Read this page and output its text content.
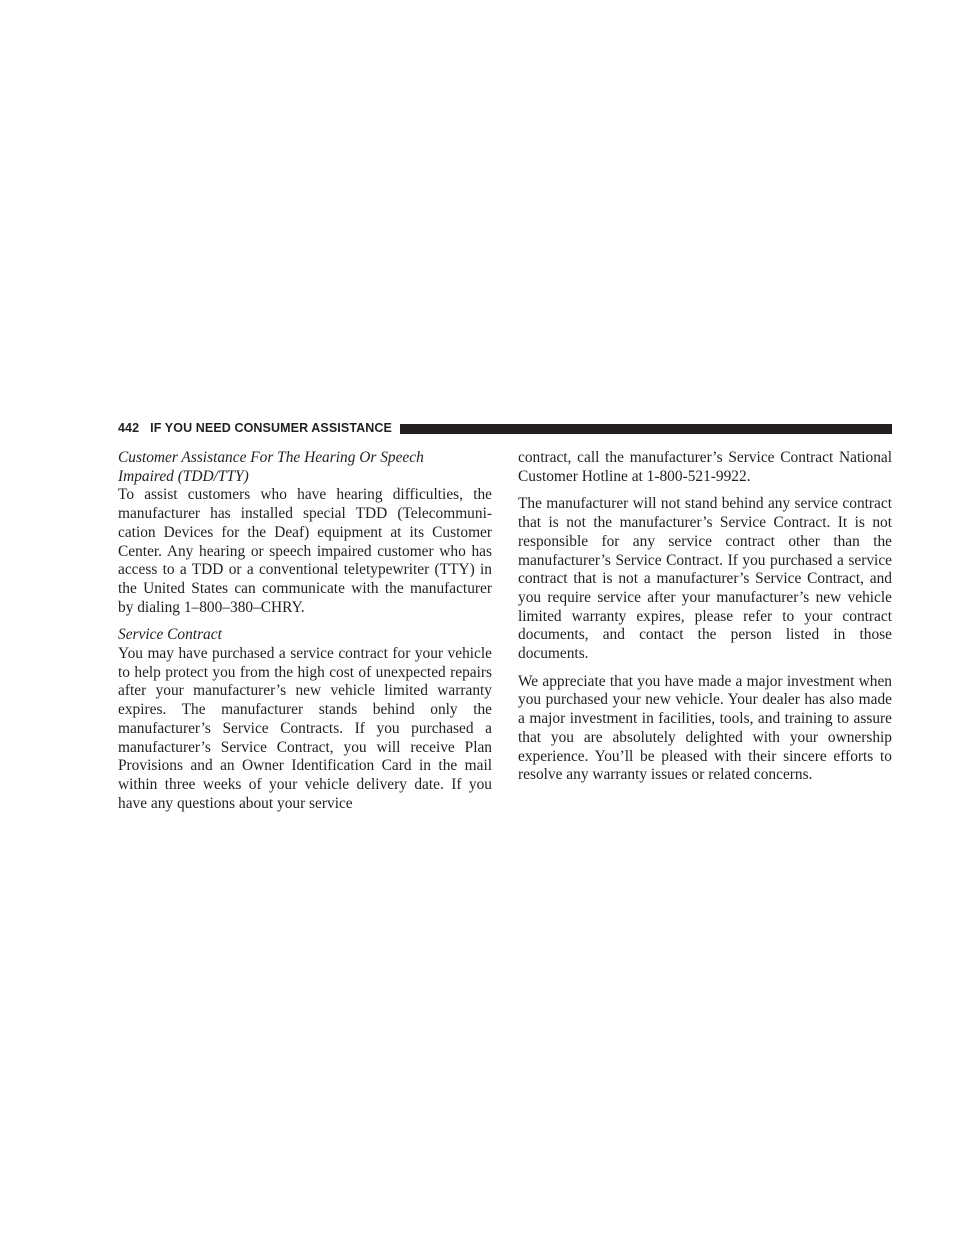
442 IF YOU NEED CONSUMER ASSISTANCE
Customer Assistance For The Hearing Or Speech
Impaired (TDD/TTY)

To assist customers who have hearing difficulties, the manufacturer has installed special TDD (Telecommunication Devices for the Deaf) equipment at its Customer Center. Any hearing or speech impaired customer who has access to a TDD or a conventional teletypewriter (TTY) in the United States can communicate with the manufacturer by dialing 1–800–380–CHRY.

Service Contract

You may have purchased a service contract for your vehicle to help protect you from the high cost of unexpected repairs after your manufacturer’s new vehicle limited warranty expires. The manufacturer stands behind only the manufacturer’s Service Contracts. If you purchased a manufacturer’s Service Contract, you will receive Plan Provisions and an Owner Identification Card in the mail within three weeks of your vehicle delivery date. If you have any questions about your service

contract, call the manufacturer’s Service Contract National Customer Hotline at 1-800-521-9922.

The manufacturer will not stand behind any service contract that is not the manufacturer’s Service Contract. It is not responsible for any service contract other than the manufacturer’s Service Contract. If you purchased a service contract that is not a manufacturer’s Service Contract, and you require service after your manufacturer’s new vehicle limited warranty expires, please refer to your contract documents, and contact the person listed in those documents.

We appreciate that you have made a major investment when you purchased your new vehicle. Your dealer has also made a major investment in facilities, tools, and training to assure that you are absolutely delighted with your ownership experience. You’ll be pleased with their sincere efforts to resolve any warranty issues or related concerns.
